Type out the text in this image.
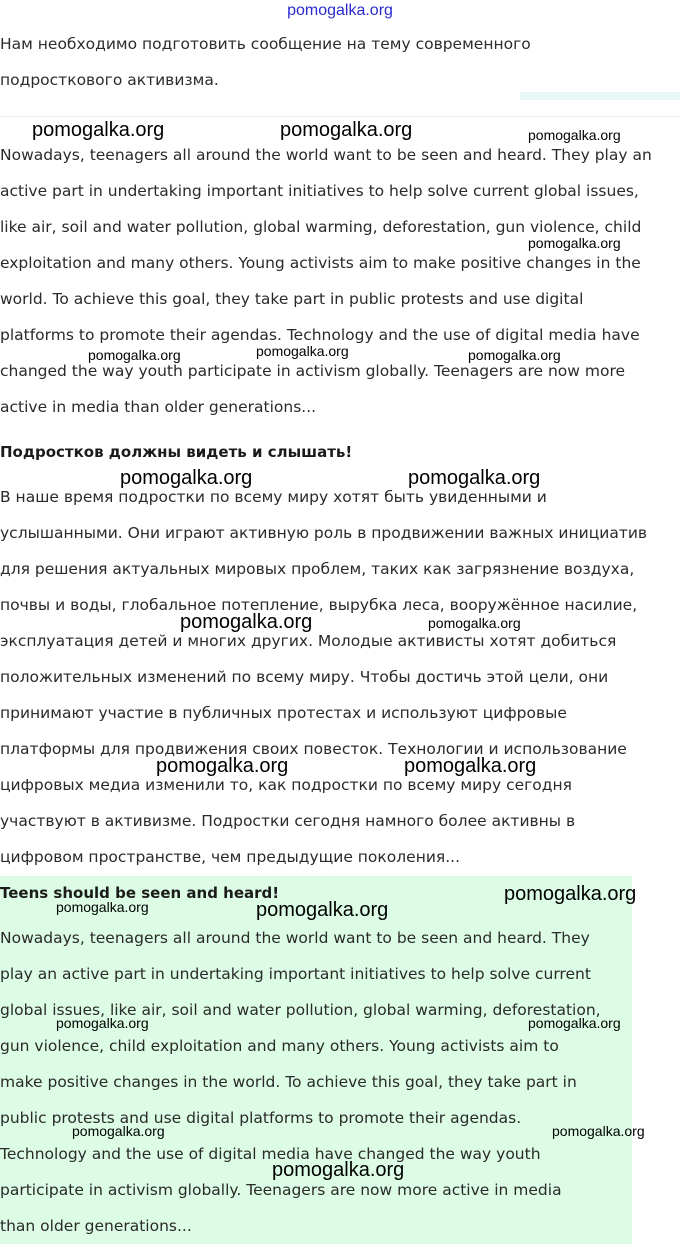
pomogalka.org
Нам необходимо подготовить сообщение на тему современного
подросткового активизма.
Nowadays, teenagers all around the world want to be seen and heard. They play an
active part in undertaking important initiatives to help solve current global issues,
like air, soil and water pollution, global warming, deforestation, gun violence, child
exploitation and many others. Young activists aim to make positive changes in the
world. To achieve this goal, they take part in public protests and use digital
platforms to promote their agendas. Technology and the use of digital media have
changed the way youth participate in activism globally. Teenagers are now more
active in media than older generations...
Подростков должны видеть и слышать!
В наше время подростки по всему миру хотят быть увиденными и
услышанными. Они играют активную роль в продвижении важных инициатив
для решения актуальных мировых проблем, таких как загрязнение воздуха,
почвы и воды, глобальное потепление, вырубка леса, вооружённое насилие,
эксплуатация детей и многих других. Молодые активисты хотят добиться
положительных изменений по всему миру. Чтобы достичь этой цели, они
принимают участие в публичных протестах и используют цифровые
платформы для продвижения своих повесток. Технологии и использование
цифровых медиа изменили то, как подростки по всему миру сегодня
участвуют в активизме. Подростки сегодня намного более активны в
цифровом пространстве, чем предыдущие поколения...
Teens should be seen and heard!
Nowadays, teenagers all around the world want to be seen and heard. They
play an active part in undertaking important initiatives to help solve current
global issues, like air, soil and water pollution, global warming, deforestation,
gun violence, child exploitation and many others. Young activists aim to
make positive changes in the world. To achieve this goal, they take part in
public protests and use digital platforms to promote their agendas.
Technology and the use of digital media have changed the way youth
participate in activism globally. Teenagers are now more active in media
than older generations...
pomogalka.org	pomogalka.org	pomogalka.org
pomogalka.org
pomogalka.org	pomogalka.org	pomogalka.org
pomogalka.org	pomogalka.org
pomogalka.org	pomogalka.org
pomogalka.org	pomogalka.org
pomogalka.org
pomogalka.org	pomogalka.org
pomogalka.org	pomogalka.org
pomogalka.org	pomogalka.org
pomogalka.org
